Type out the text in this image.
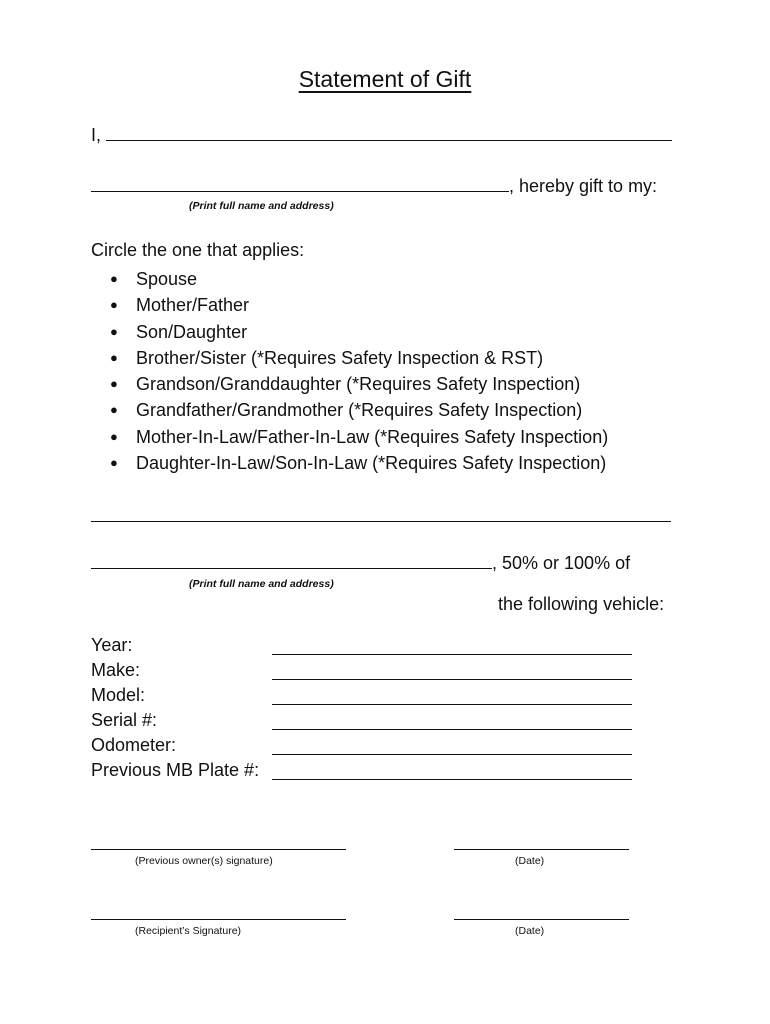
Statement of Gift
I,
, hereby gift to my:
(Print full name and address)
Circle the one that applies:
● Spouse
● Mother/Father
● Son/Daughter
● Brother/Sister (*Requires Safety Inspection & RST)
● Grandson/Granddaughter (*Requires Safety Inspection)
● Grandfather/Grandmother (*Requires Safety Inspection)
● Mother-In-Law/Father-In-Law (*Requires Safety Inspection)
● Daughter-In-Law/Son-In-Law (*Requires Safety Inspection)
, 50% or 100% of
(Print full name and address)
the following vehicle:
Year:
Make:
Model:
Serial #:
Odometer:
Previous MB Plate #:
(Previous owner(s) signature)	(Date)
(Recipient’s Signature)	(Date)
